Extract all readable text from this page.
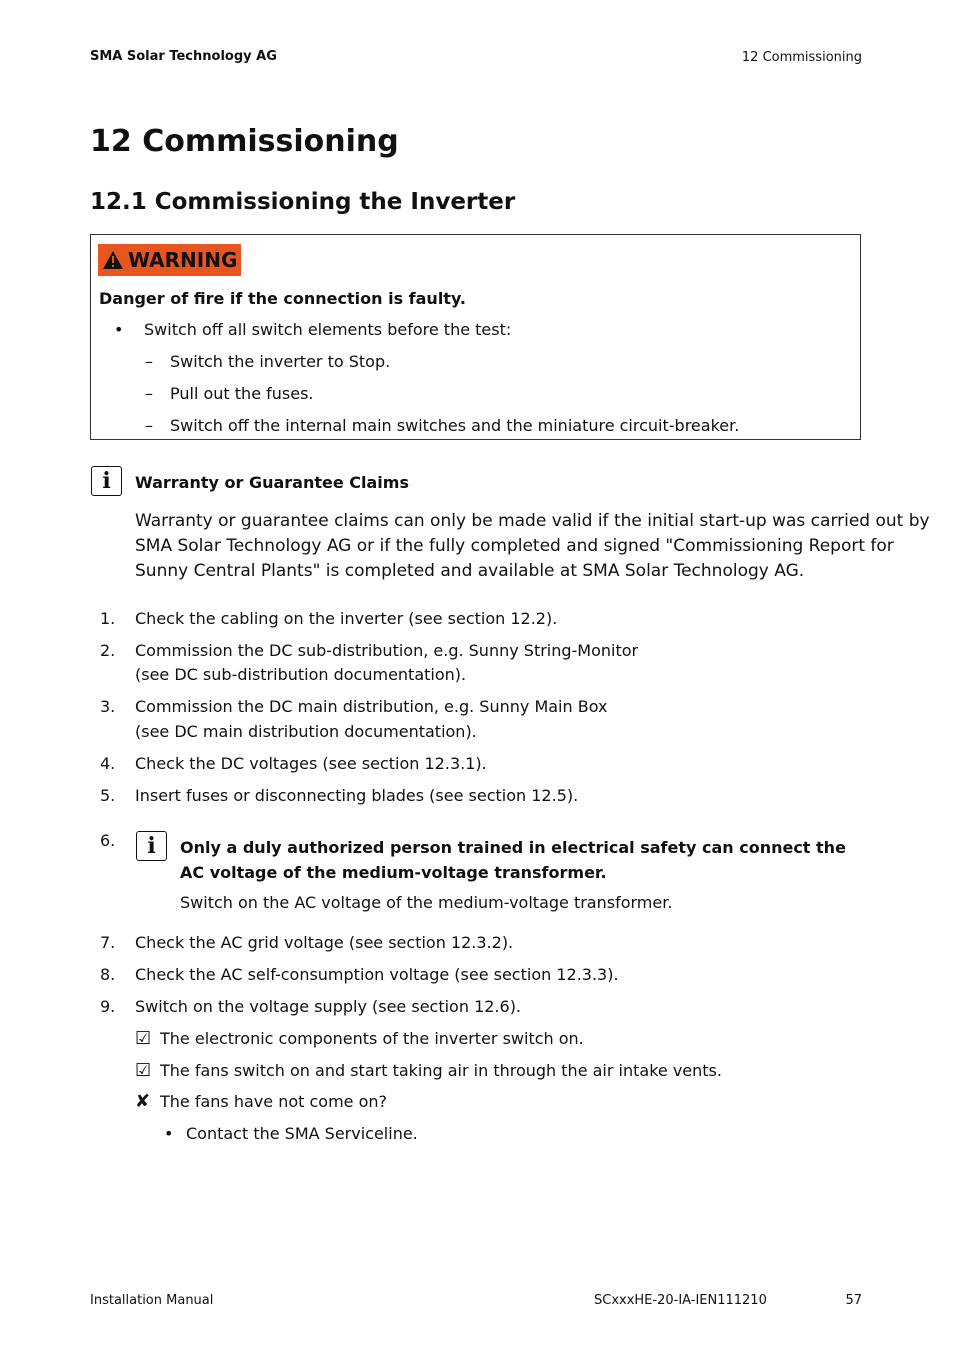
SMA Solar Technology AG	12 Commissioning
12 Commissioning
12.1 Commissioning the Inverter
WARNING
Danger of fire if the connection is faulty.
• Switch off all switch elements before the test:
– Switch the inverter to Stop.
– Pull out the fuses.
– Switch off the internal main switches and the miniature circuit-breaker.
i	Warranty or Guarantee Claims
Warranty or guarantee claims can only be made valid if the initial start-up was carried out by
SMA Solar Technology AG or if the fully completed and signed "Commissioning Report for
Sunny Central Plants" is completed and available at SMA Solar Technology AG.
1. Check the cabling on the inverter (see section 12.2).
2. Commission the DC sub-distribution, e.g. Sunny String-Monitor
(see DC sub-distribution documentation).
3. Commission the DC main distribution, e.g. Sunny Main Box
(see DC main distribution documentation).
4. Check the DC voltages (see section 12.3.1).
5. Insert fuses or disconnecting blades (see section 12.5).
6.	i	Only a duly authorized person trained in electrical safety can connect the
AC voltage of the medium-voltage transformer.
Switch on the AC voltage of the medium-voltage transformer.
7. Check the AC grid voltage (see section 12.3.2).
8. Check the AC self-consumption voltage (see section 12.3.3).
9. Switch on the voltage supply (see section 12.6).
☑ The electronic components of the inverter switch on.
☑ The fans switch on and start taking air in through the air intake vents.
✘ The fans have not come on?
• Contact the SMA Serviceline.
Installation Manual	SCxxxHE-20-IA-IEN111210	57
